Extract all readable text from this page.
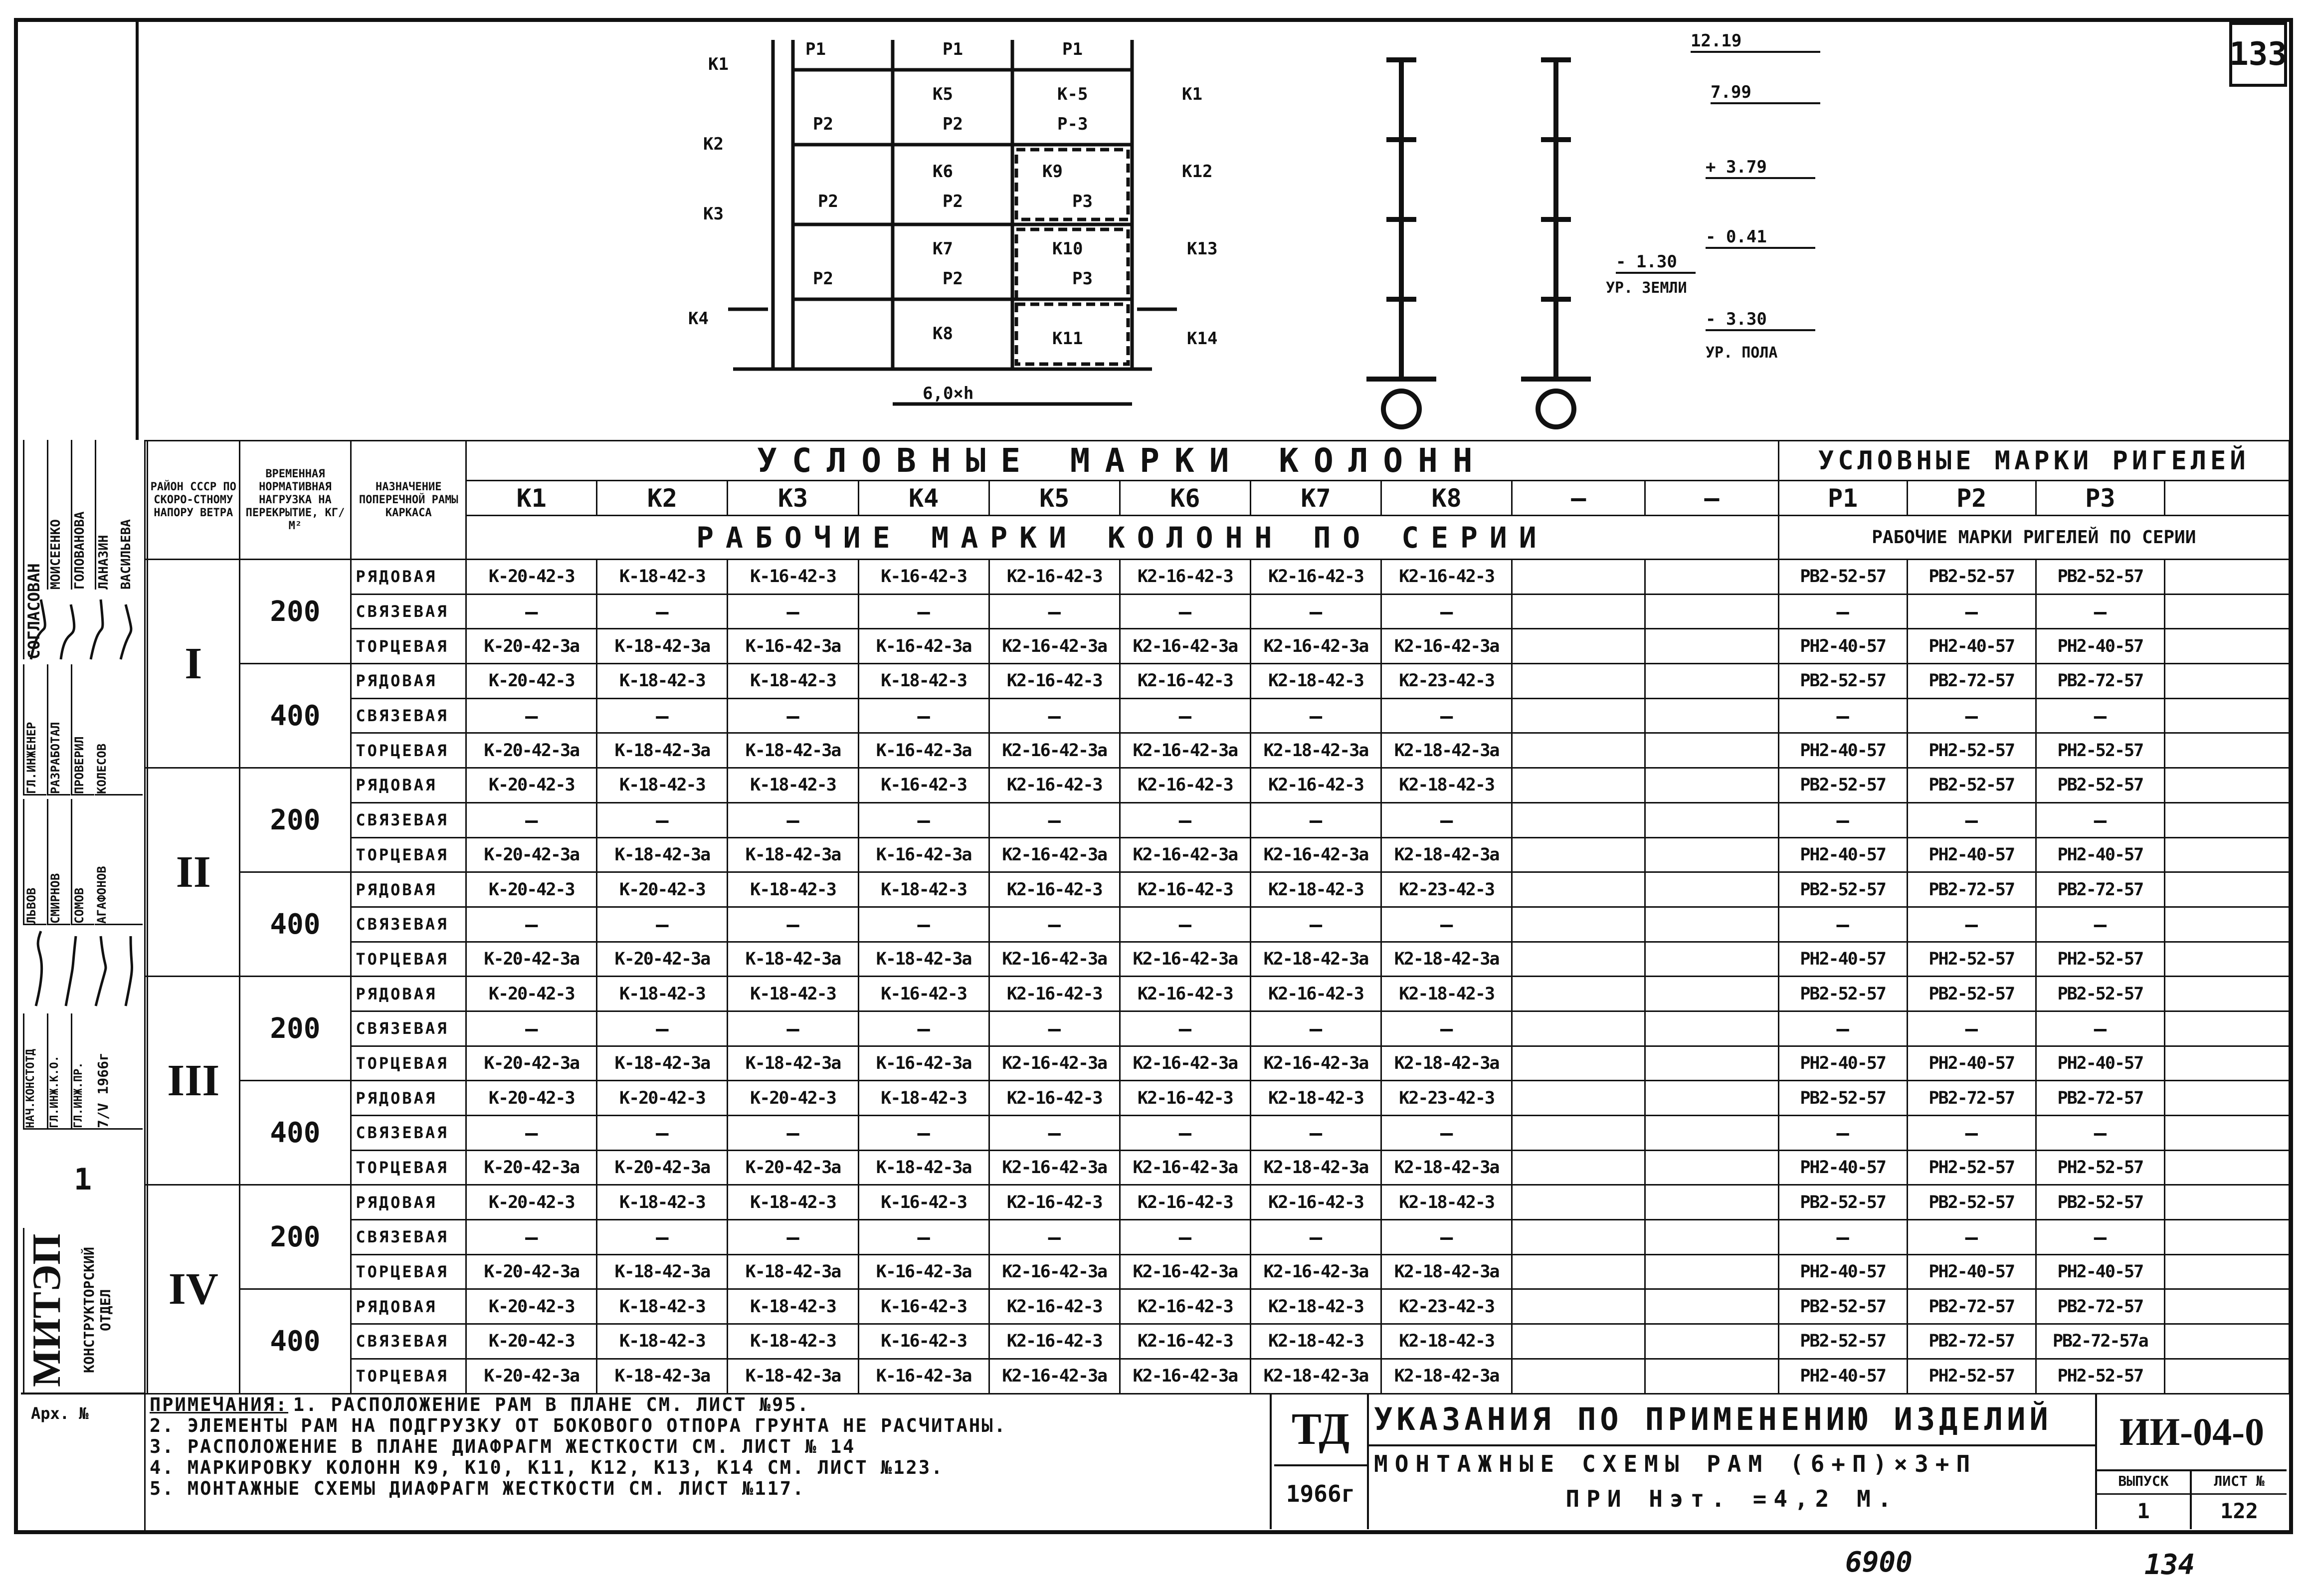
133
K1
K2
K3
K4
P1	P1	P1
K5	K-5	K1
P2	P2	P-3
K6	K9	K12
P2	P2	P3
K7	K10	K13
P2	P2	P3
K8	K11	K14
6,0×h
12.19
7.99
+ 3.79
- 0.41
- 1.30
УР. ЗЕМЛИ
- 3.30
УР. ПОЛА
	РАЙОН СССР ПО СКОРО-СТНОМУ НАПОРУ ВЕТРА	ВРЕМЕННАЯ НОРМАТИВНАЯ НАГРУЗКА НА ПЕРЕКРЫТИЕ, КГ/М²	НАЗНАЧЕНИЕ ПОПЕРЕЧНОЙ РАМЫ КАРКАСА	УСЛОВНЫЕ МАРКИ КОЛОНН										УСЛОВНЫЕ МАРКИ РИГЕЛЕЙ			
				К1	К2	К3	К4	К5	К6	К7	К8	—	—	Р1	Р2	Р3	
				РАБОЧИЕ МАРКИ КОЛОНН ПО СЕРИИ										РАБОЧИЕ МАРКИ РИГЕЛЕЙ ПО СЕРИИ			
	I	200	РЯДОВАЯ	К-20-42-3	К-18-42-3	К-16-42-3	К-16-42-3	К2-16-42-3	К2-16-42-3	К2-16-42-3	К2-16-42-3			РВ2-52-57	РВ2-52-57	РВ2-52-57	
			СВЯЗЕВАЯ	—	—	—	—	—	—	—	—			—	—	—	
			ТОРЦЕВАЯ	К-20-42-3а	К-18-42-3а	К-16-42-3а	К-16-42-3а	К2-16-42-3а	К2-16-42-3а	К2-16-42-3а	К2-16-42-3а			РН2-40-57	РН2-40-57	РН2-40-57	
		400	РЯДОВАЯ	К-20-42-3	К-18-42-3	К-18-42-3	К-18-42-3	К2-16-42-3	К2-16-42-3	К2-18-42-3	К2-23-42-3			РВ2-52-57	РВ2-72-57	РВ2-72-57	
			СВЯЗЕВАЯ	—	—	—	—	—	—	—	—			—	—	—	
			ТОРЦЕВАЯ	К-20-42-3а	К-18-42-3а	К-18-42-3а	К-16-42-3а	К2-16-42-3а	К2-16-42-3а	К2-18-42-3а	К2-18-42-3а			РН2-40-57	РН2-52-57	РН2-52-57	
	II	200	РЯДОВАЯ	К-20-42-3	К-18-42-3	К-18-42-3	К-16-42-3	К2-16-42-3	К2-16-42-3	К2-16-42-3	К2-18-42-3			РВ2-52-57	РВ2-52-57	РВ2-52-57	
			СВЯЗЕВАЯ	—	—	—	—	—	—	—	—			—	—	—	
			ТОРЦЕВАЯ	К-20-42-3а	К-18-42-3а	К-18-42-3а	К-16-42-3а	К2-16-42-3а	К2-16-42-3а	К2-16-42-3а	К2-18-42-3а			РН2-40-57	РН2-40-57	РН2-40-57	
		400	РЯДОВАЯ	К-20-42-3	К-20-42-3	К-18-42-3	К-18-42-3	К2-16-42-3	К2-16-42-3	К2-18-42-3	К2-23-42-3			РВ2-52-57	РВ2-72-57	РВ2-72-57	
			СВЯЗЕВАЯ	—	—	—	—	—	—	—	—			—	—	—	
			ТОРЦЕВАЯ	К-20-42-3а	К-20-42-3а	К-18-42-3а	К-18-42-3а	К2-16-42-3а	К2-16-42-3а	К2-18-42-3а	К2-18-42-3а			РН2-40-57	РН2-52-57	РН2-52-57	
	III	200	РЯДОВАЯ	К-20-42-3	К-18-42-3	К-18-42-3	К-16-42-3	К2-16-42-3	К2-16-42-3	К2-16-42-3	К2-18-42-3			РВ2-52-57	РВ2-52-57	РВ2-52-57	
			СВЯЗЕВАЯ	—	—	—	—	—	—	—	—			—	—	—	
			ТОРЦЕВАЯ	К-20-42-3а	К-18-42-3а	К-18-42-3а	К-16-42-3а	К2-16-42-3а	К2-16-42-3а	К2-16-42-3а	К2-18-42-3а			РН2-40-57	РН2-40-57	РН2-40-57	
		400	РЯДОВАЯ	К-20-42-3	К-20-42-3	К-20-42-3	К-18-42-3	К2-16-42-3	К2-16-42-3	К2-18-42-3	К2-23-42-3			РВ2-52-57	РВ2-72-57	РВ2-72-57	
			СВЯЗЕВАЯ	—	—	—	—	—	—	—	—			—	—	—	
			ТОРЦЕВАЯ	К-20-42-3а	К-20-42-3а	К-20-42-3а	К-18-42-3а	К2-16-42-3а	К2-16-42-3а	К2-18-42-3а	К2-18-42-3а			РН2-40-57	РН2-52-57	РН2-52-57	
	IV	200	РЯДОВАЯ	К-20-42-3	К-18-42-3	К-18-42-3	К-16-42-3	К2-16-42-3	К2-16-42-3	К2-16-42-3	К2-18-42-3			РВ2-52-57	РВ2-52-57	РВ2-52-57	
			СВЯЗЕВАЯ	—	—	—	—	—	—	—	—			—	—	—	
			ТОРЦЕВАЯ	К-20-42-3а	К-18-42-3а	К-18-42-3а	К-16-42-3а	К2-16-42-3а	К2-16-42-3а	К2-16-42-3а	К2-18-42-3а			РН2-40-57	РН2-40-57	РН2-40-57	
		400	РЯДОВАЯ	К-20-42-3	К-18-42-3	К-18-42-3	К-16-42-3	К2-16-42-3	К2-16-42-3	К2-18-42-3	К2-23-42-3			РВ2-52-57	РВ2-72-57	РВ2-72-57	
			СВЯЗЕВАЯ	К-20-42-3	К-18-42-3	К-18-42-3	К-16-42-3	К2-16-42-3	К2-16-42-3	К2-18-42-3	К2-18-42-3			РВ2-52-57	РВ2-72-57	РВ2-72-57а	
			ТОРЦЕВАЯ	К-20-42-3а	К-18-42-3а	К-18-42-3а	К-16-42-3а	К2-16-42-3а	К2-16-42-3а	К2-18-42-3а	К2-18-42-3а			РН2-40-57	РН2-52-57	РН2-52-57	
СОГЛАСОВАН
МОИСЕЕНКО ГОЛОВАНОВА ЛАНАЗИН ВАСИЛЬЕВА
ГЛ.ИНЖЕНЕР РАЗРАБОТАЛ ПРОВЕРИЛ КОЛЕСОВ
ЛЬВОВ СМИРНОВ СОМОВ АГАФОНОВ
НАЧ.КОНСТОТД	ГЛ.ИНЖ.К.О.	ГЛ.ИНЖ.ПР. 7/V 1966г
1
МИТЭП КОНСТРУКТОРСКИЙ ОТДЕЛ
Арх. №	ПРИМЕЧАНИЯ: 1. РАСПОЛОЖЕНИЕ РАМ В ПЛАНЕ СМ. ЛИСТ №95.
2. ЭЛЕМЕНТЫ РАМ НА ПОДГРУЗКУ ОТ БОКОВОГО ОТПОРА ГРУНТА НЕ РАСЧИТАНЫ.
3. РАСПОЛОЖЕНИЕ В ПЛАНЕ ДИАФРАГМ ЖЕСТКОСТИ СМ. ЛИСТ № 14
4. МАРКИРОВКУ КОЛОНН К9, К10, К11, К12, К13, К14 СМ. ЛИСТ №123.
5. МОНТАЖНЫЕ СХЕМЫ ДИАФРАГМ ЖЕСТКОСТИ СМ. ЛИСТ №117.
ТД
1966г
УКАЗАНИЯ ПО ПРИМЕНЕНИЮ ИЗДЕЛИЙ
МОНТАЖНЫЕ СХЕМЫ РАМ (6+П)×3+П
ПРИ Нэт. =4,2 М.
ИИ-04-0
ВЫПУСК
1
ЛИСТ №
122
6900	134
